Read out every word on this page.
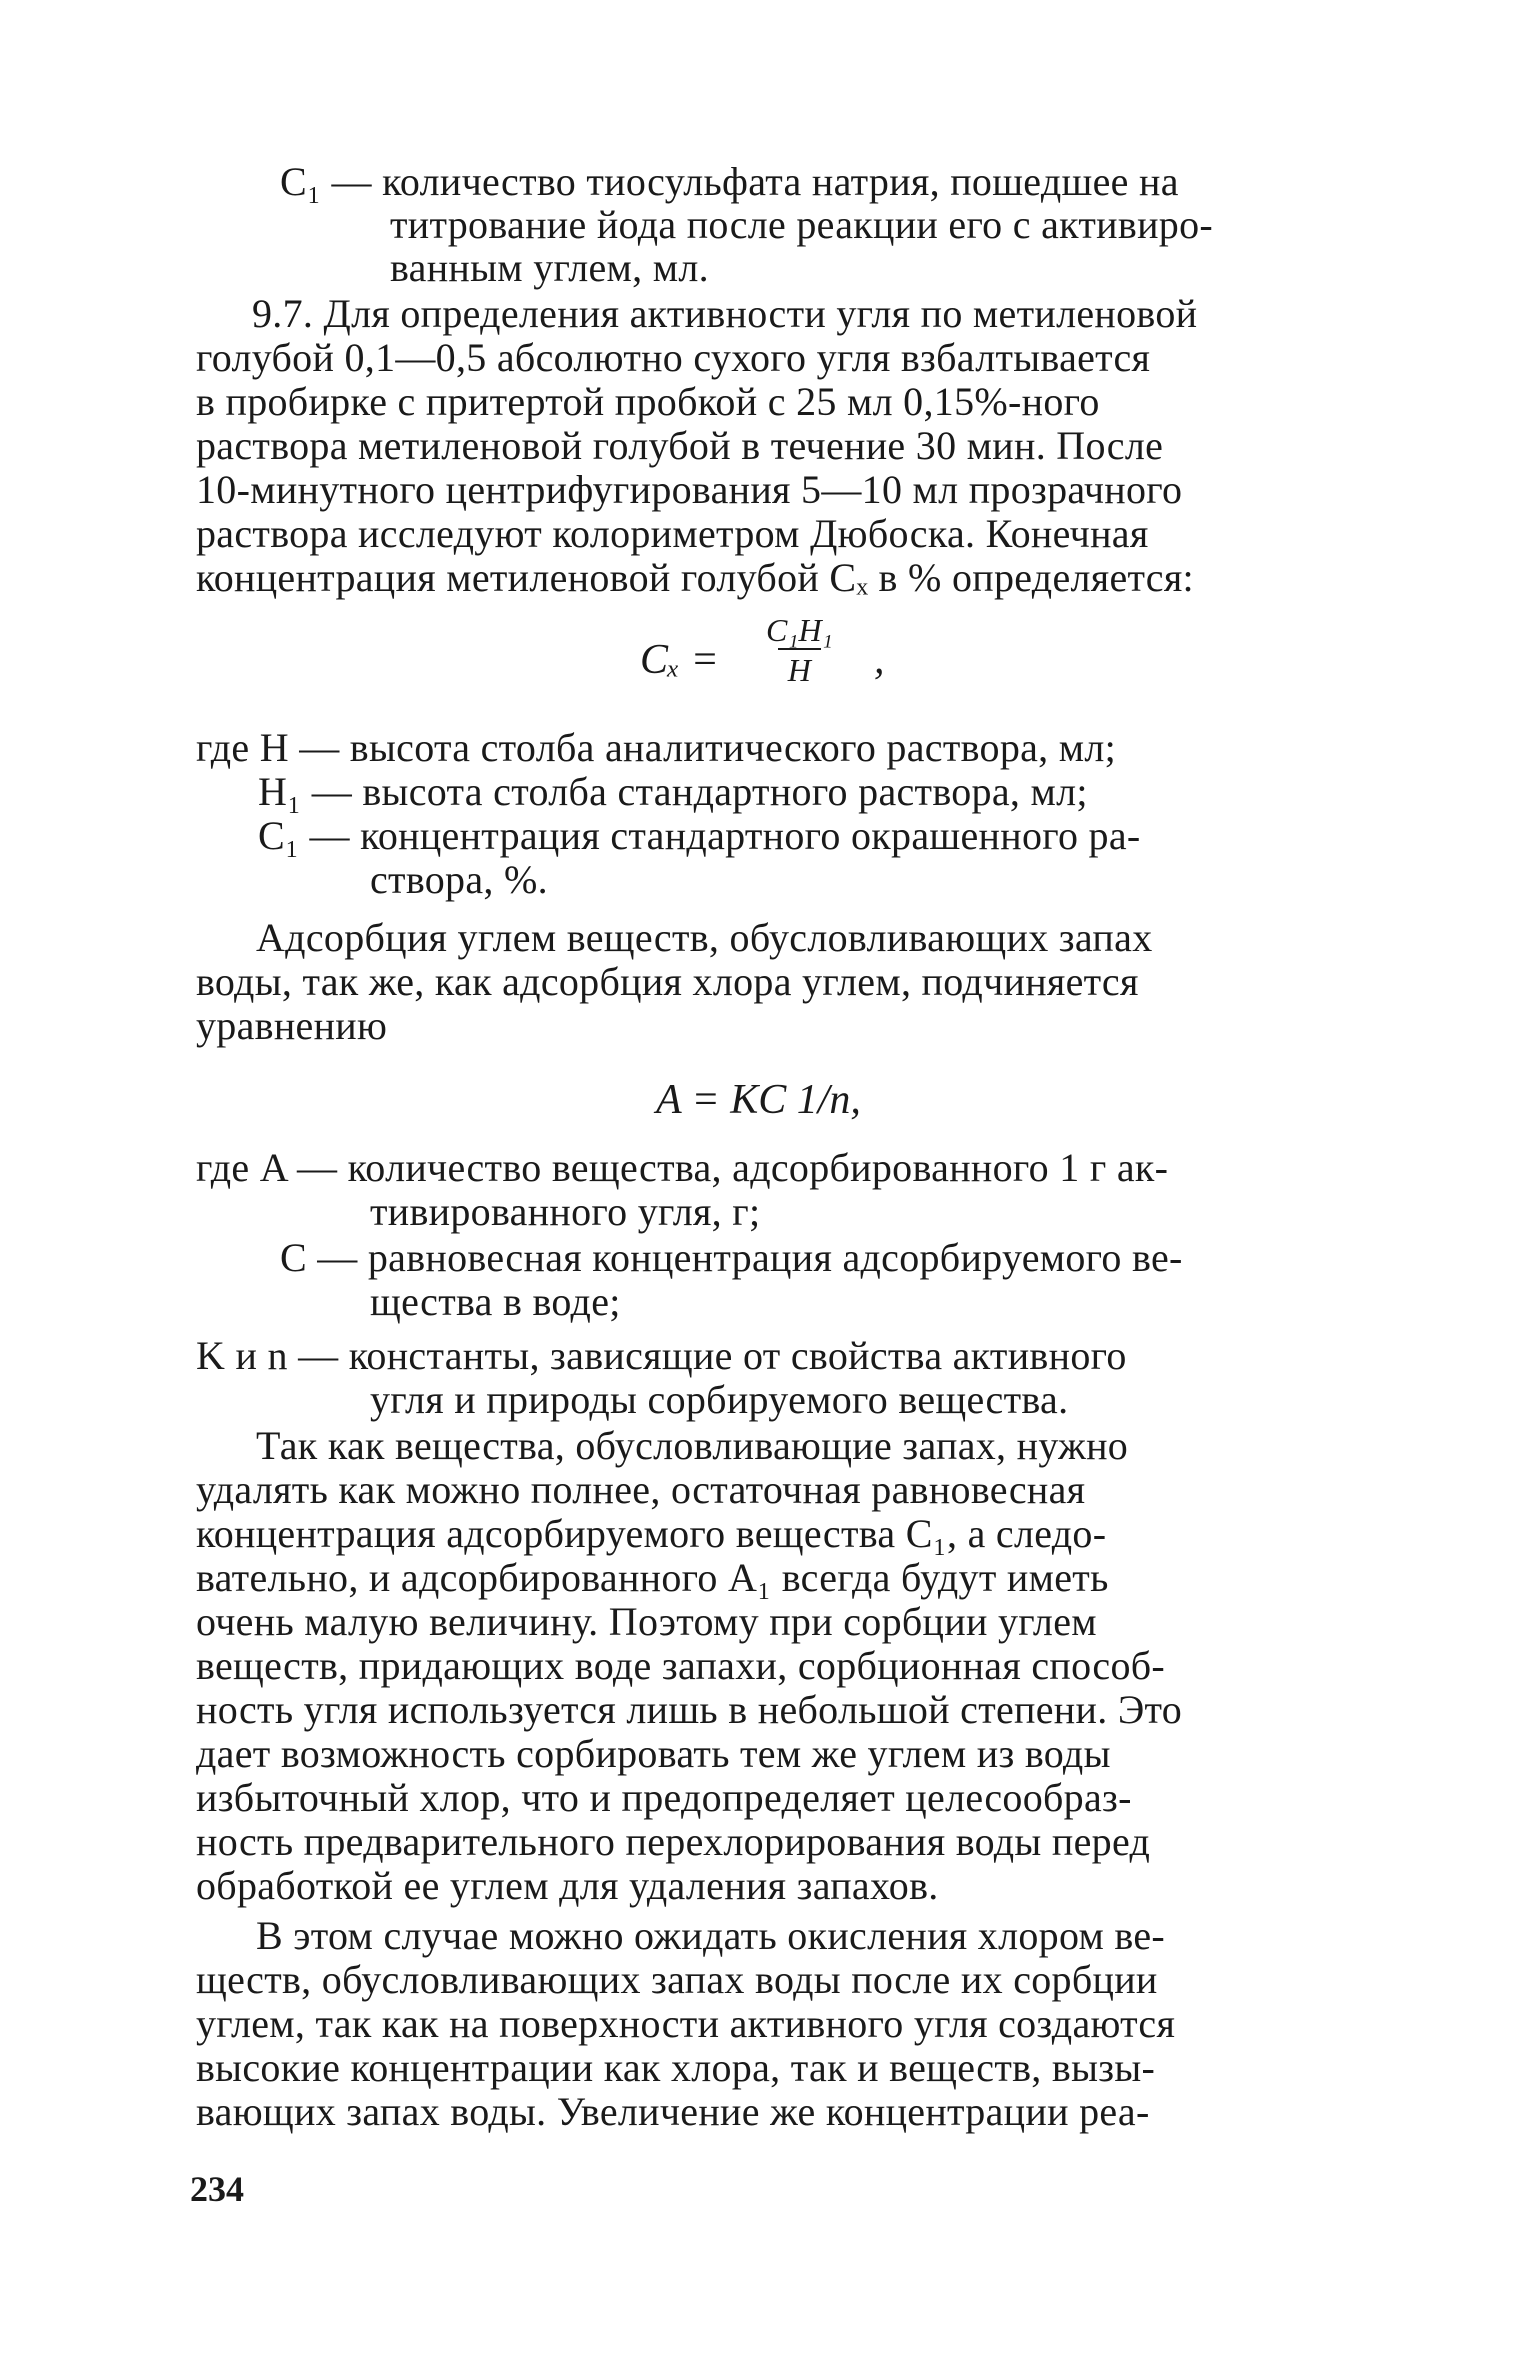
C₁ — количество тиосульфата натрия, пошедшее на
титрование йода после реакции его с активиро-
ванным углем, мл.
9.7. Для определения активности угля по метиленовой
голубой 0,1—0,5 абсолютно сухого угля взбалтывается
в пробирке с притертой пробкой с 25 мл 0,15%-ного
раствора метиленовой голубой в течение 30 мин. После
10-минутного центрифугирования 5—10 мл прозрачного
раствора исследуют колориметром Дюбоска. Конечная
концентрация метиленовой голубой Cₓ в % определяется:
$C_x = \frac{\text{C₁H₁}}{H}$ ,
где H — высота столба аналитического раствора, мл;
H₁ — высота столба стандартного раствора, мл;
C₁ — концентрация стандартного окрашенного ра-
створа, %.
Адсорбция углем веществ, обусловливающих запах
воды, так же, как адсорбция хлора углем, подчиняется
уравнению
A = KC 1/n,
где A — количество вещества, адсорбированного 1 г ак-
тивированного угля, г;
C — равновесная концентрация адсорбируемого ве-
щества в воде;
K и n — константы, зависящие от свойства активного
угля и природы сорбируемого вещества.
Так как вещества, обусловливающие запах, нужно
удалять как можно полнее, остаточная равновесная
концентрация адсорбируемого вещества C₁, а следо-
вательно, и адсорбированного A₁ всегда будут иметь
очень малую величину. Поэтому при сорбции углем
веществ, придающих воде запахи, сорбционная способ-
ность угля используется лишь в небольшой степени. Это
дает возможность сорбировать тем же углем из воды
избыточный хлор, что и предопределяет целесообраз-
ность предварительного перехлорирования воды перед
обработкой ее углем для удаления запахов.
В этом случае можно ожидать окисления хлором ве-
ществ, обусловливающих запах воды после их сорбции
углем, так как на поверхности активного угля создаются
высокие концентрации как хлора, так и веществ, вызы-
вающих запах воды. Увеличение же концентрации реа-
234
